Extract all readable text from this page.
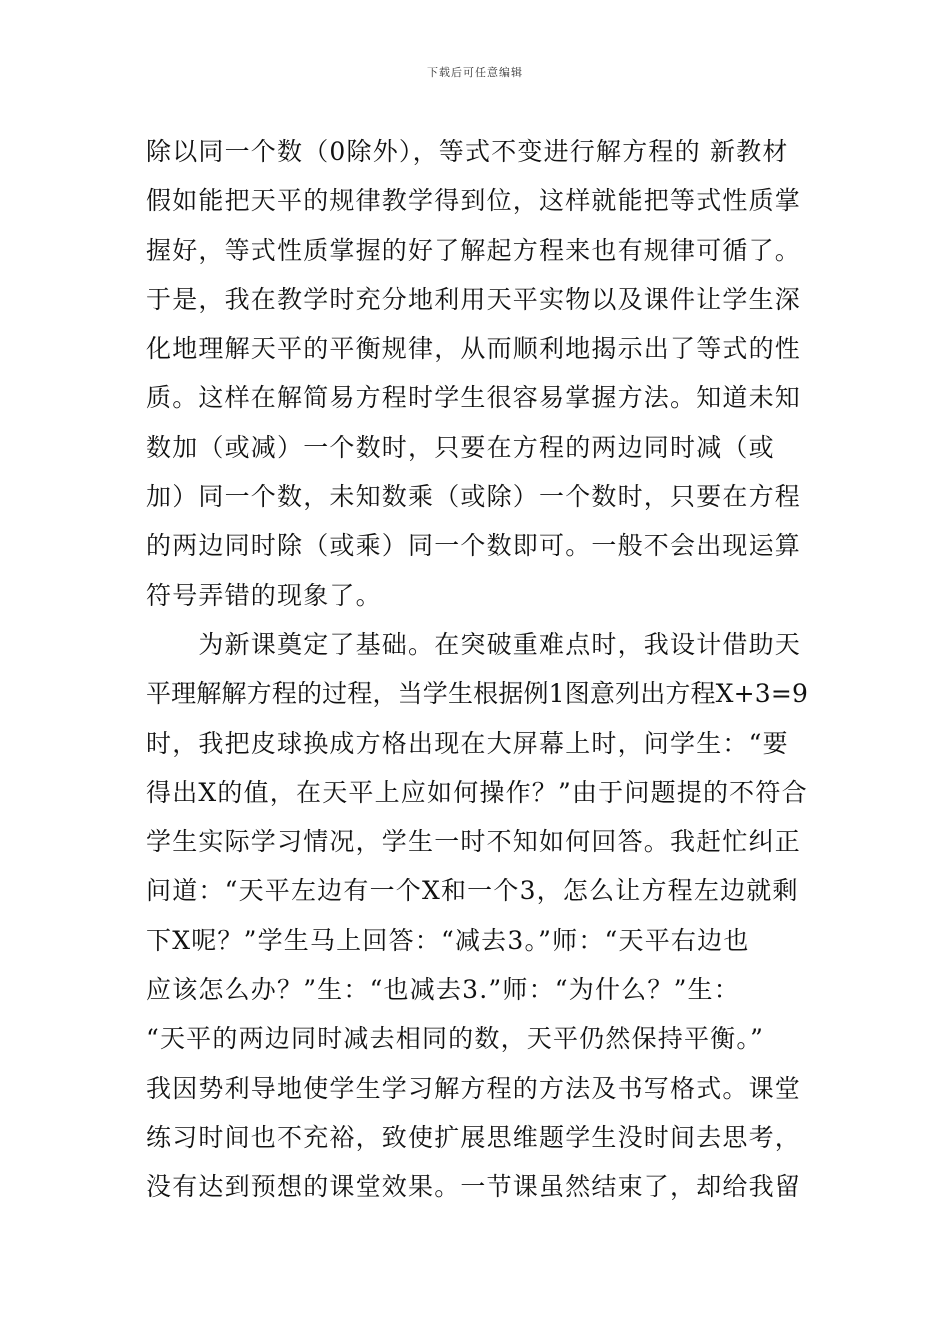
下载后可任意编辑
除以同一个数（0除外），等式不变进行解方程的 新教材
假如能把天平的规律教学得到位，这样就能把等式性质掌
握好，等式性质掌握的好了解起方程来也有规律可循了。
于是，我在教学时充分地利用天平实物以及课件让学生深
化地理解天平的平衡规律，从而顺利地揭示出了等式的性
质。这样在解简易方程时学生很容易掌握方法。知道未知
数加（或减）一个数时，只要在方程的两边同时减（或
加）同一个数，未知数乘（或除）一个数时，只要在方程
的两边同时除（或乘）同一个数即可。一般不会出现运算
符号弄错的现象了。
　　为新课奠定了基础。在突破重难点时，我设计借助天
平理解解方程的过程，当学生根据例1图意列出方程X+3=9
时，我把皮球换成方格出现在大屏幕上时，问学生：“要
得出X的值，在天平上应如何操作？”由于问题提的不符合
学生实际学习情况，学生一时不知如何回答。我赶忙纠正
问道：“天平左边有一个X和一个3，怎么让方程左边就剩
下X呢？”学生马上回答：“减去3。”师：“天平右边也
应该怎么办？”生：“也减去3.”师：“为什么？”生：
“天平的两边同时减去相同的数，天平仍然保持平衡。”
我因势利导地使学生学习解方程的方法及书写格式。课堂
练习时间也不充裕，致使扩展思维题学生没时间去思考，
没有达到预想的课堂效果。一节课虽然结束了，却给我留
